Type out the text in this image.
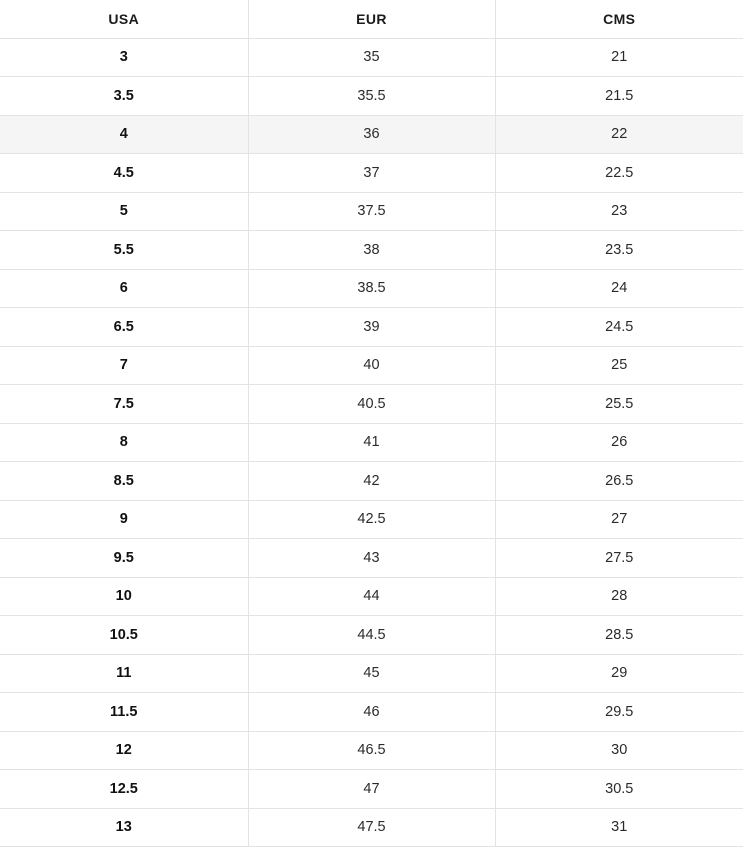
USA	EUR	CMS
3	35	21
3.5	35.5	21.5
4	36	22
4.5	37	22.5
5	37.5	23
5.5	38	23.5
6	38.5	24
6.5	39	24.5
7	40	25
7.5	40.5	25.5
8	41	26
8.5	42	26.5
9	42.5	27
9.5	43	27.5
10	44	28
10.5	44.5	28.5
11	45	29
11.5	46	29.5
12	46.5	30
12.5	47	30.5
13	47.5	31
